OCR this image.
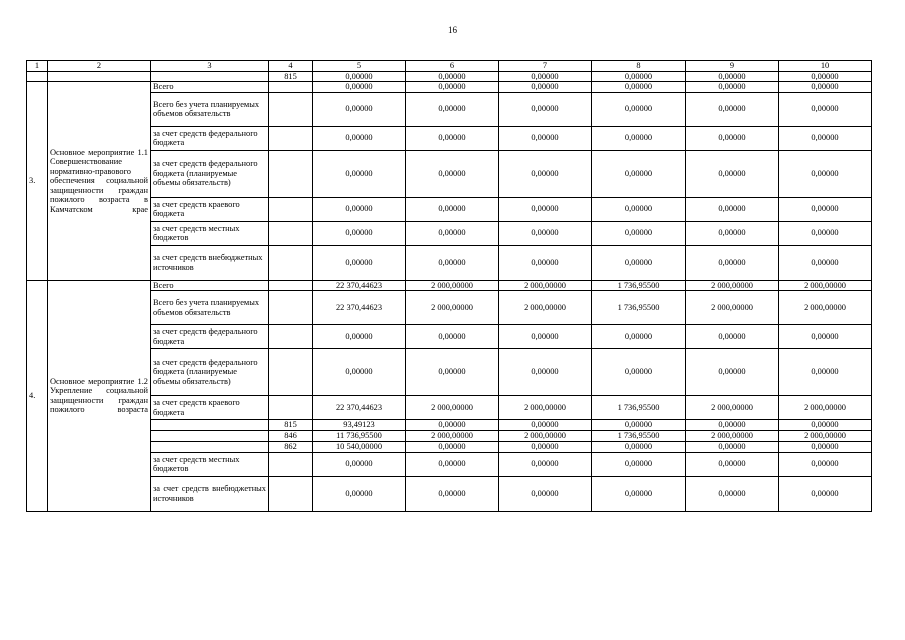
16
1	2	3	4	5	6	7	8	9	10
			815	0,00000	0,00000	0,00000	0,00000	0,00000	0,00000
3.	Основное мероприятие 1.1 Совершенствование нормативно-правового обеспечения социальной защищенности граждан пожилого возраста в Камчатском крае	Всего		0,00000	0,00000	0,00000	0,00000	0,00000	0,00000
		Всего без учета планируемых объемов обязательств		0,00000	0,00000	0,00000	0,00000	0,00000	0,00000
		за счет средств федерального бюджета		0,00000	0,00000	0,00000	0,00000	0,00000	0,00000
		за счет средств федерального бюджета (планируемые объемы обязательств)		0,00000	0,00000	0,00000	0,00000	0,00000	0,00000
		за счет средств краевого бюджета		0,00000	0,00000	0,00000	0,00000	0,00000	0,00000
		за счет средств местных бюджетов		0,00000	0,00000	0,00000	0,00000	0,00000	0,00000
		за счет средств внебюджетных источников		0,00000	0,00000	0,00000	0,00000	0,00000	0,00000
4.	Основное мероприятие 1.2 Укрепление социальной защищенности граждан пожилого возраста	Всего		22 370,44623	2 000,00000	2 000,00000	1 736,95500	2 000,00000	2 000,00000
		Всего без учета планируемых объемов обязательств		22 370,44623	2 000,00000	2 000,00000	1 736,95500	2 000,00000	2 000,00000
		за счет средств федерального бюджета		0,00000	0,00000	0,00000	0,00000	0,00000	0,00000
		за счет средств федерального бюджета (планируемые объемы обязательств)		0,00000	0,00000	0,00000	0,00000	0,00000	0,00000
		за счет средств краевого бюджета		22 370,44623	2 000,00000	2 000,00000	1 736,95500	2 000,00000	2 000,00000
			815	93,49123	0,00000	0,00000	0,00000	0,00000	0,00000
			846	11 736,95500	2 000,00000	2 000,00000	1 736,95500	2 000,00000	2 000,00000
			862	10 540,00000	0,00000	0,00000	0,00000	0,00000	0,00000
		за счет средств местных бюджетов		0,00000	0,00000	0,00000	0,00000	0,00000	0,00000
		за счет средств внебюджетных источников		0,00000	0,00000	0,00000	0,00000	0,00000	0,00000
